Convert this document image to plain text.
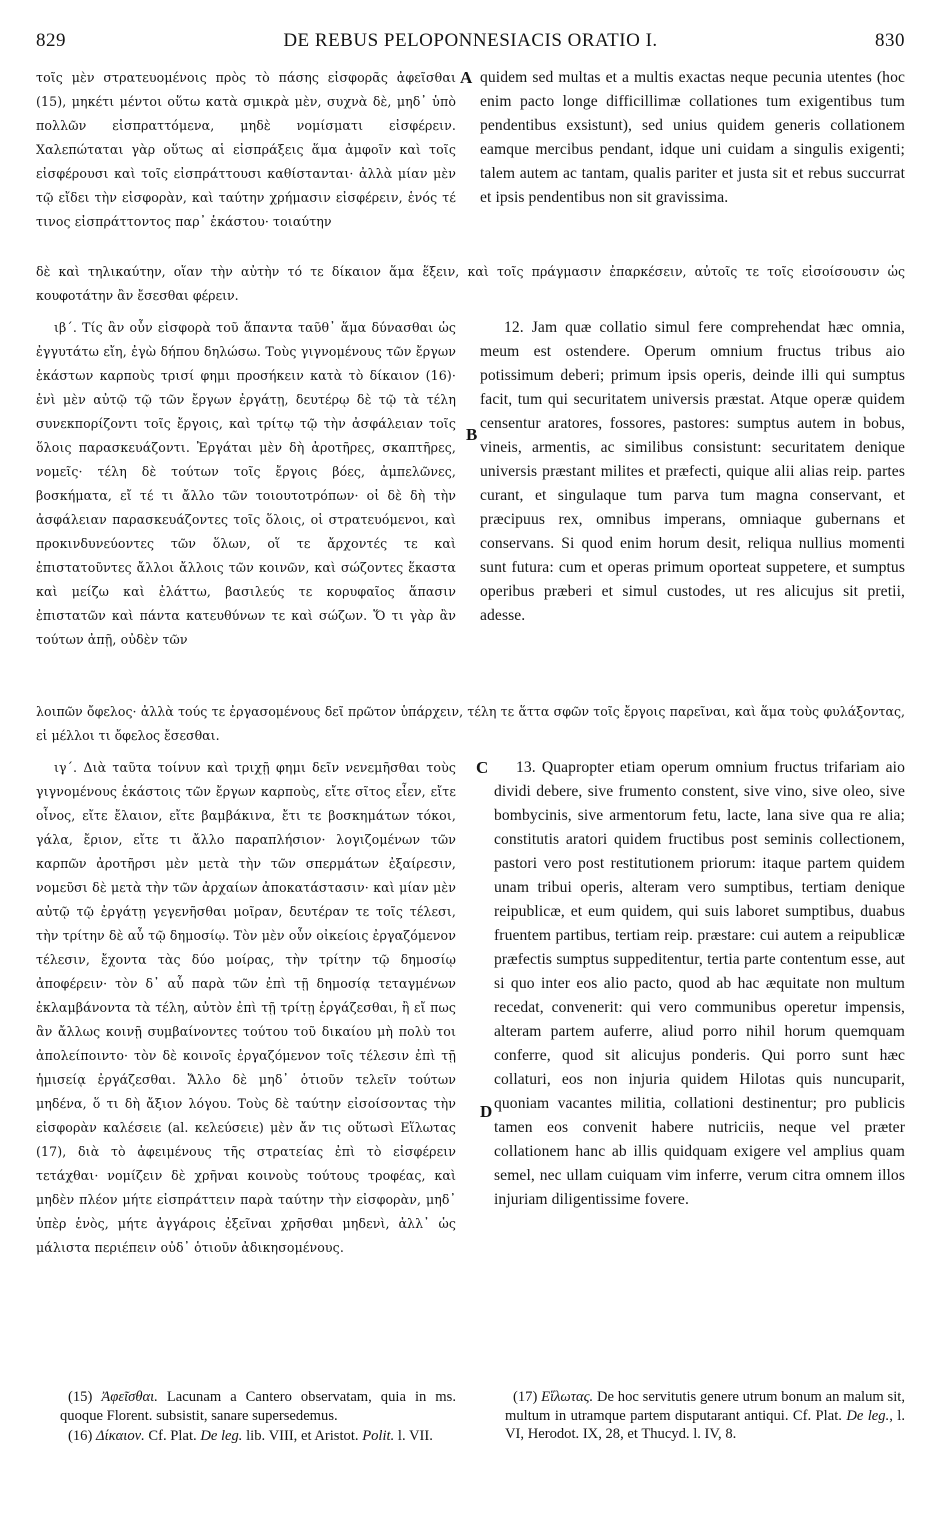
829	DE REBUS PELOPONNESIACIS ORATIO I.	830
τοῖς μὲν στρατευομένοις πρὸς τὸ πάσης εἰσφορᾶς ἀφεῖσθαι (15), μηκέτι μέντοι οὕτω κατὰ σμικρὰ μὲν, συχνὰ δὲ, μηδ᾽ ὑπὸ πολλῶν εἰσπραττόμενα, μηδὲ νομίσματι εἰσφέρειν. Χαλεπώταται γὰρ οὕτως αἱ εἰσπράξεις ἅμα ἀμφοῖν καὶ τοῖς εἰσφέρουσι καὶ τοῖς εἰσπράττουσι καθίστανται· ἀλλὰ μίαν μὲν τῷ εἴδει τὴν εἰσφορὰν, καὶ ταύτην χρήμασιν εἰσφέρειν, ἑνός τέ τινος εἰσπράττοντος παρ᾽ ἑκάστου· τοιαύτην
A quidem sed multas et a multis exactas neque pecunia utentes (hoc enim pacto longe difficillimæ collationes tum exigentibus tum pendentibus exsistunt), sed unius quidem generis collationem eamque mercibus pendant, idque uni cuidam a singulis exigenti; talem autem ac tantam, qualis pariter et justa sit et rebus succurrat et ipsis pendentibus non sit gravissima.
δὲ καὶ τηλικαύτην, οἵαν τὴν αὐτὴν τό τε δίκαιον ἅμα ἕξειν, καὶ τοῖς πράγμασιν ἐπαρκέσειν, αὐτοῖς τε τοῖς εἰσοίσουσιν ὡς κουφοτάτην ἂν ἔσεσθαι φέρειν.
ιβ΄. Τίς ἂν οὖν εἰσφορὰ τοῦ ἅπαντα ταῦθ᾽ ἅμα δύνασθαι ὡς ἐγγυτάτω εἴη, ἐγὼ δήπου δηλώσω. Τοὺς γιγνομένους τῶν ἔργων ἑκάστων καρποὺς τρισί φημι προσήκειν κατὰ τὸ δίκαιον (16)· ἑνὶ μὲν αὐτῷ τῷ τῶν ἔργων ἐργάτῃ, δευτέρῳ δὲ τῷ τὰ τέλη συνεκπορίζοντι τοῖς ἔργοις, καὶ τρίτῳ τῷ τὴν ἀσφάλειαν τοῖς ὅλοις παρασκευάζοντι. Ἐργάται μὲν δὴ ἀροτῆρες, σκαπτῆρες, νομεῖς· τέλη δὲ τούτων τοῖς ἔργοις βόες, ἀμπελῶνες, βοσκήματα, εἴ τέ τι ἄλλο τῶν τοιουτοτρόπων· οἱ δὲ δὴ τὴν ἀσφάλειαν παρασκευάζοντες τοῖς ὅλοις, οἱ στρατευόμενοι, καὶ προκινδυνεύοντες τῶν ὅλων, οἵ τε ἄρχοντές τε καὶ ἐπιστατοῦντες ἄλλοι ἄλλοις τῶν κοινῶν, καὶ σώζοντες ἕκαστα καὶ μείζω καὶ ἐλάττω, βασιλεύς τε κορυφαῖος ἅπασιν ἐπιστατῶν καὶ πάντα κατευθύνων τε καὶ σώζων. Ὅ τι γὰρ ἂν τούτων ἀπῇ, οὐδὲν τῶν
B
12. Jam quæ collatio simul fere comprehendat hæc omnia, meum est ostendere. Operum omnium fructus tribus aio potissimum deberi; primum ipsis operis, deinde illi qui sumptus facit, tum qui securitatem universis præstat. Atque operæ quidem censentur aratores, fossores, pastores: sumptus autem in bobus, vineis, armentis, ac similibus consistunt: securitatem denique universis præstant milites et præfecti, quique alii alias reip. partes curant, et singulaque tum parva tum magna conservant, et præcipuus rex, omnibus imperans, omniaque gubernans et conservans. Si quod enim horum desit, reliqua nullius momenti sunt futura: cum et operas primum oporteat suppetere, et sumptus operibus præberi et simul custodes, ut res alicujus sit pretii, adesse.
λοιπῶν ὄφελος· ἀλλὰ τούς τε ἐργασομένους δεῖ πρῶτον ὑπάρχειν, τέλη τε ἅττα σφῶν τοῖς ἔργοις παρεῖναι, καὶ ἅμα τοὺς φυλάξοντας, εἰ μέλλοι τι ὄφελος ἔσεσθαι.
ιγ΄. Διὰ ταῦτα τοίνυν καὶ τριχῇ φημι δεῖν νενεμῆσθαι τοὺς γιγνομένους ἑκάστοις τῶν ἔργων καρποὺς, εἴτε σῖτος εἶεν, εἴτε οἶνος, εἴτε ἔλαιον, εἴτε βαμβάκινα, ἔτι τε βοσκημάτων τόκοι, γάλα, ἔριον, εἴτε τι ἄλλο παραπλήσιον· λογιζομένων τῶν καρπῶν ἀροτῆρσι μὲν μετὰ τὴν τῶν σπερμάτων ἐξαίρεσιν, νομεῦσι δὲ μετὰ τὴν τῶν ἀρχαίων ἀποκατάστασιν· καὶ μίαν μὲν αὐτῷ τῷ ἐργάτῃ γεγενῆσθαι μοῖραν, δευτέραν τε τοῖς τέλεσι, τὴν τρίτην δὲ αὖ τῷ δημοσίῳ. Τὸν μὲν οὖν οἰκείοις ἐργαζόμενον τέλεσιν, ἔχοντα τὰς δύο μοίρας, τὴν τρίτην τῷ δημοσίῳ ἀποφέρειν· τὸν δ᾽ αὖ παρὰ τῶν ἐπὶ τῇ δημοσίᾳ τεταγμένων ἐκλαμβάνοντα τὰ τέλη, αὐτὸν ἐπὶ τῇ τρίτῃ ἐργάζεσθαι, ἢ εἴ πως ἂν ἄλλως κοινῇ συμβαίνοντες τούτου τοῦ δικαίου μὴ πολὺ τοι ἀπολείποιντο· τὸν δὲ κοινοῖς ἐργαζόμενον τοῖς τέλεσιν ἐπὶ τῇ ἡμισείᾳ ἐργάζεσθαι. Ἄλλο δὲ μηδ᾽ ὁτιοῦν τελεῖν τούτων μηδένα, ὅ τι δὴ ἄξιον λόγου. Τοὺς δὲ ταύτην εἰσοίσοντας τὴν εἰσφορὰν καλέσειε (al. κελεύσειε) μὲν ἄν τις οὕτωσὶ Εἵλωτας (17), διὰ τὸ ἀφειμένους τῆς στρατείας ἐπὶ τὸ εἰσφέρειν τετάχθαι· νομίζειν δὲ χρῆναι κοινοὺς τούτους τροφέας, καὶ μηδὲν πλέον μήτε εἰσπράττειν παρὰ ταύτην τὴν εἰσφορὰν, μηδ᾽ ὑπὲρ ἑνὸς, μήτε ἀγγάροις ἐξεῖναι χρῆσθαι μηδενὶ, ἀλλ᾽ ὡς μάλιστα περιέπειν οὐδ᾽ ὁτιοῦν ἀδικησομένους.
C
D
13. Quapropter etiam operum omnium fructus trifariam aio dividi debere, sive frumento constent, sive vino, sive oleo, sive bombycinis, sive armentorum fetu, lacte, lana sive qua re alia; constitutis aratori quidem fructibus post seminis collectionem, pastori vero post restitutionem priorum: itaque partem quidem unam tribui operis, alteram vero sumptibus, tertiam denique reipublicæ, et eum quidem, qui suis laboret sumptibus, duabus fruentem partibus, tertiam reip. præstare: cui autem a reipublicæ præfectis sumptus suppeditentur, tertia parte contentum esse, aut si quo inter eos alio pacto, quod ab hac æquitate non multum recedat, convenerit: qui vero communibus operetur impensis, alteram partem auferre, aliud porro nihil horum quemquam conferre, quod sit alicujus ponderis. Qui porro sunt hæc collaturi, eos non injuria quidem Hilotas quis nuncuparit, quoniam vacantes militia, collationi destinentur; pro publicis tamen eos convenit habere nutriciis, neque vel præter collationem hanc ab illis quidquam exigere vel amplius quam semel, nec ullam cuiquam vim inferre, verum citra omnem illos injuriam diligentissime fovere.

(15) Ἀφεῖσθαι. Lacunam a Cantero observatam, quia in ms. quoque Florent. subsistit, sanare supersedemus.

(16) Δίκαιον. Cf. Plat. De leg. lib. VIII, et Aristot. Polit. l. VII.

(17) Εἵλωτας. De hoc servitutis genere utrum bonum an malum sit, multum in utramque partem disputarant antiqui. Cf. Plat. De leg., l. VI, Herodot. IX, 28, et Thucyd. l. IV, 8.
